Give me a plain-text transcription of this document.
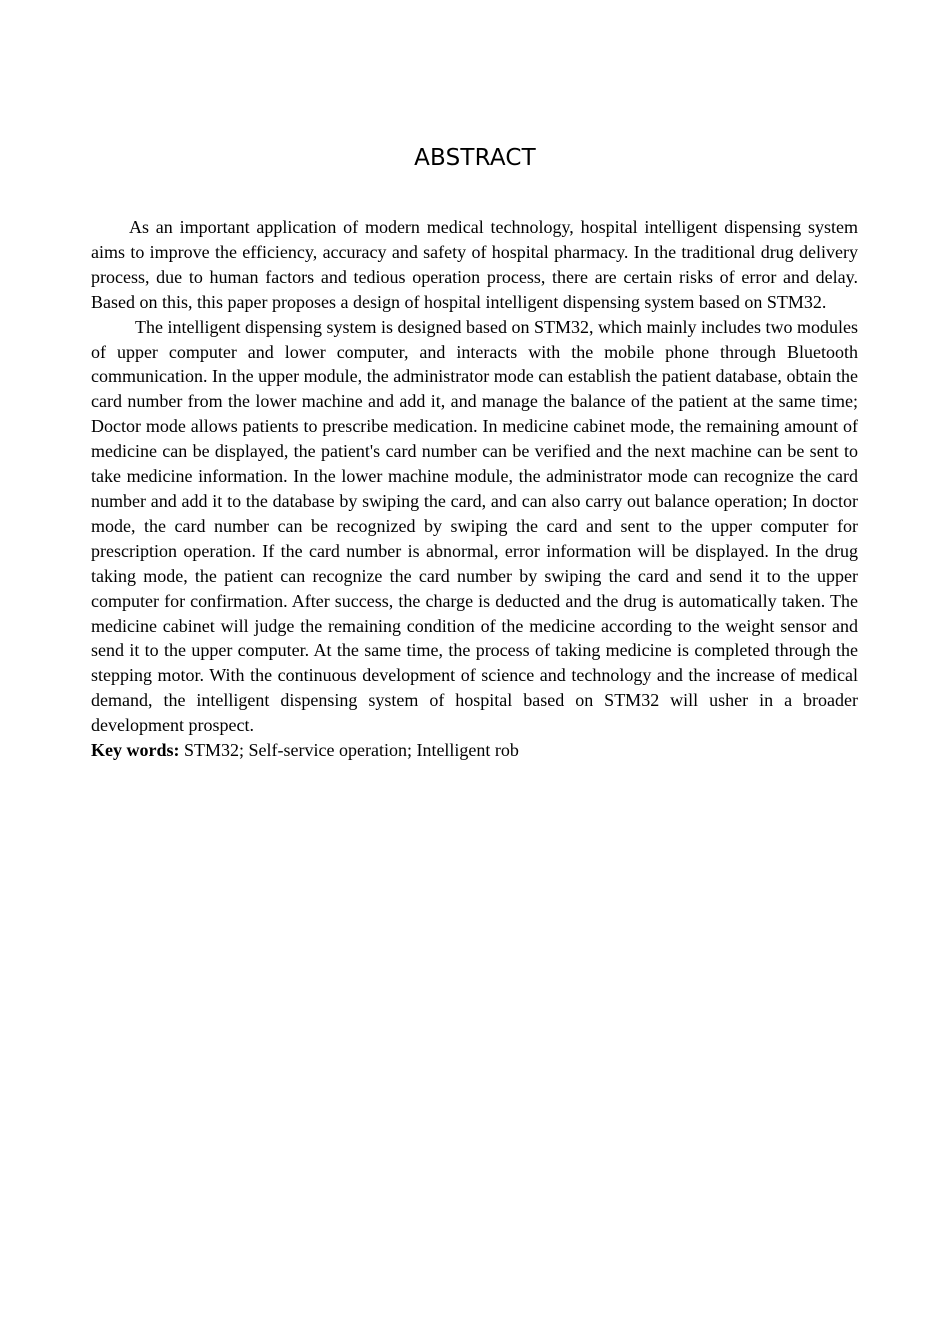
ABSTRACT

As an important application of modern medical technology, hospital intelligent dispensing system aims to improve the efficiency, accuracy and safety of hospital pharmacy. In the traditional drug delivery process, due to human factors and tedious operation process, there are certain risks of error and delay. Based on this, this paper proposes a design of hospital intelligent dispensing system based on STM32.

The intelligent dispensing system is designed based on STM32, which mainly includes two modules of upper computer and lower computer, and interacts with the mobile phone through Bluetooth communication. In the upper module, the administrator mode can establish the patient database, obtain the card number from the lower machine and add it, and manage the balance of the patient at the same time; Doctor mode allows patients to prescribe medication. In medicine cabinet mode, the remaining amount of medicine can be displayed, the patient's card number can be verified and the next machine can be sent to take medicine information. In the lower machine module, the administrator mode can recognize the card number and add it to the database by swiping the card, and can also carry out balance operation; In doctor mode, the card number can be recognized by swiping the card and sent to the upper computer for prescription operation. If the card number is abnormal, error information will be displayed. In the drug taking mode, the patient can recognize the card number by swiping the card and send it to the upper computer for confirmation. After success, the charge is deducted and the drug is automatically taken. The medicine cabinet will judge the remaining condition of the medicine according to the weight sensor and send it to the upper computer. At the same time, the process of taking medicine is completed through the stepping motor. With the continuous development of science and technology and the increase of medical demand, the intelligent dispensing system of hospital based on STM32 will usher in a broader development prospect.

Key words: STM32; Self-service operation; Intelligent rob
